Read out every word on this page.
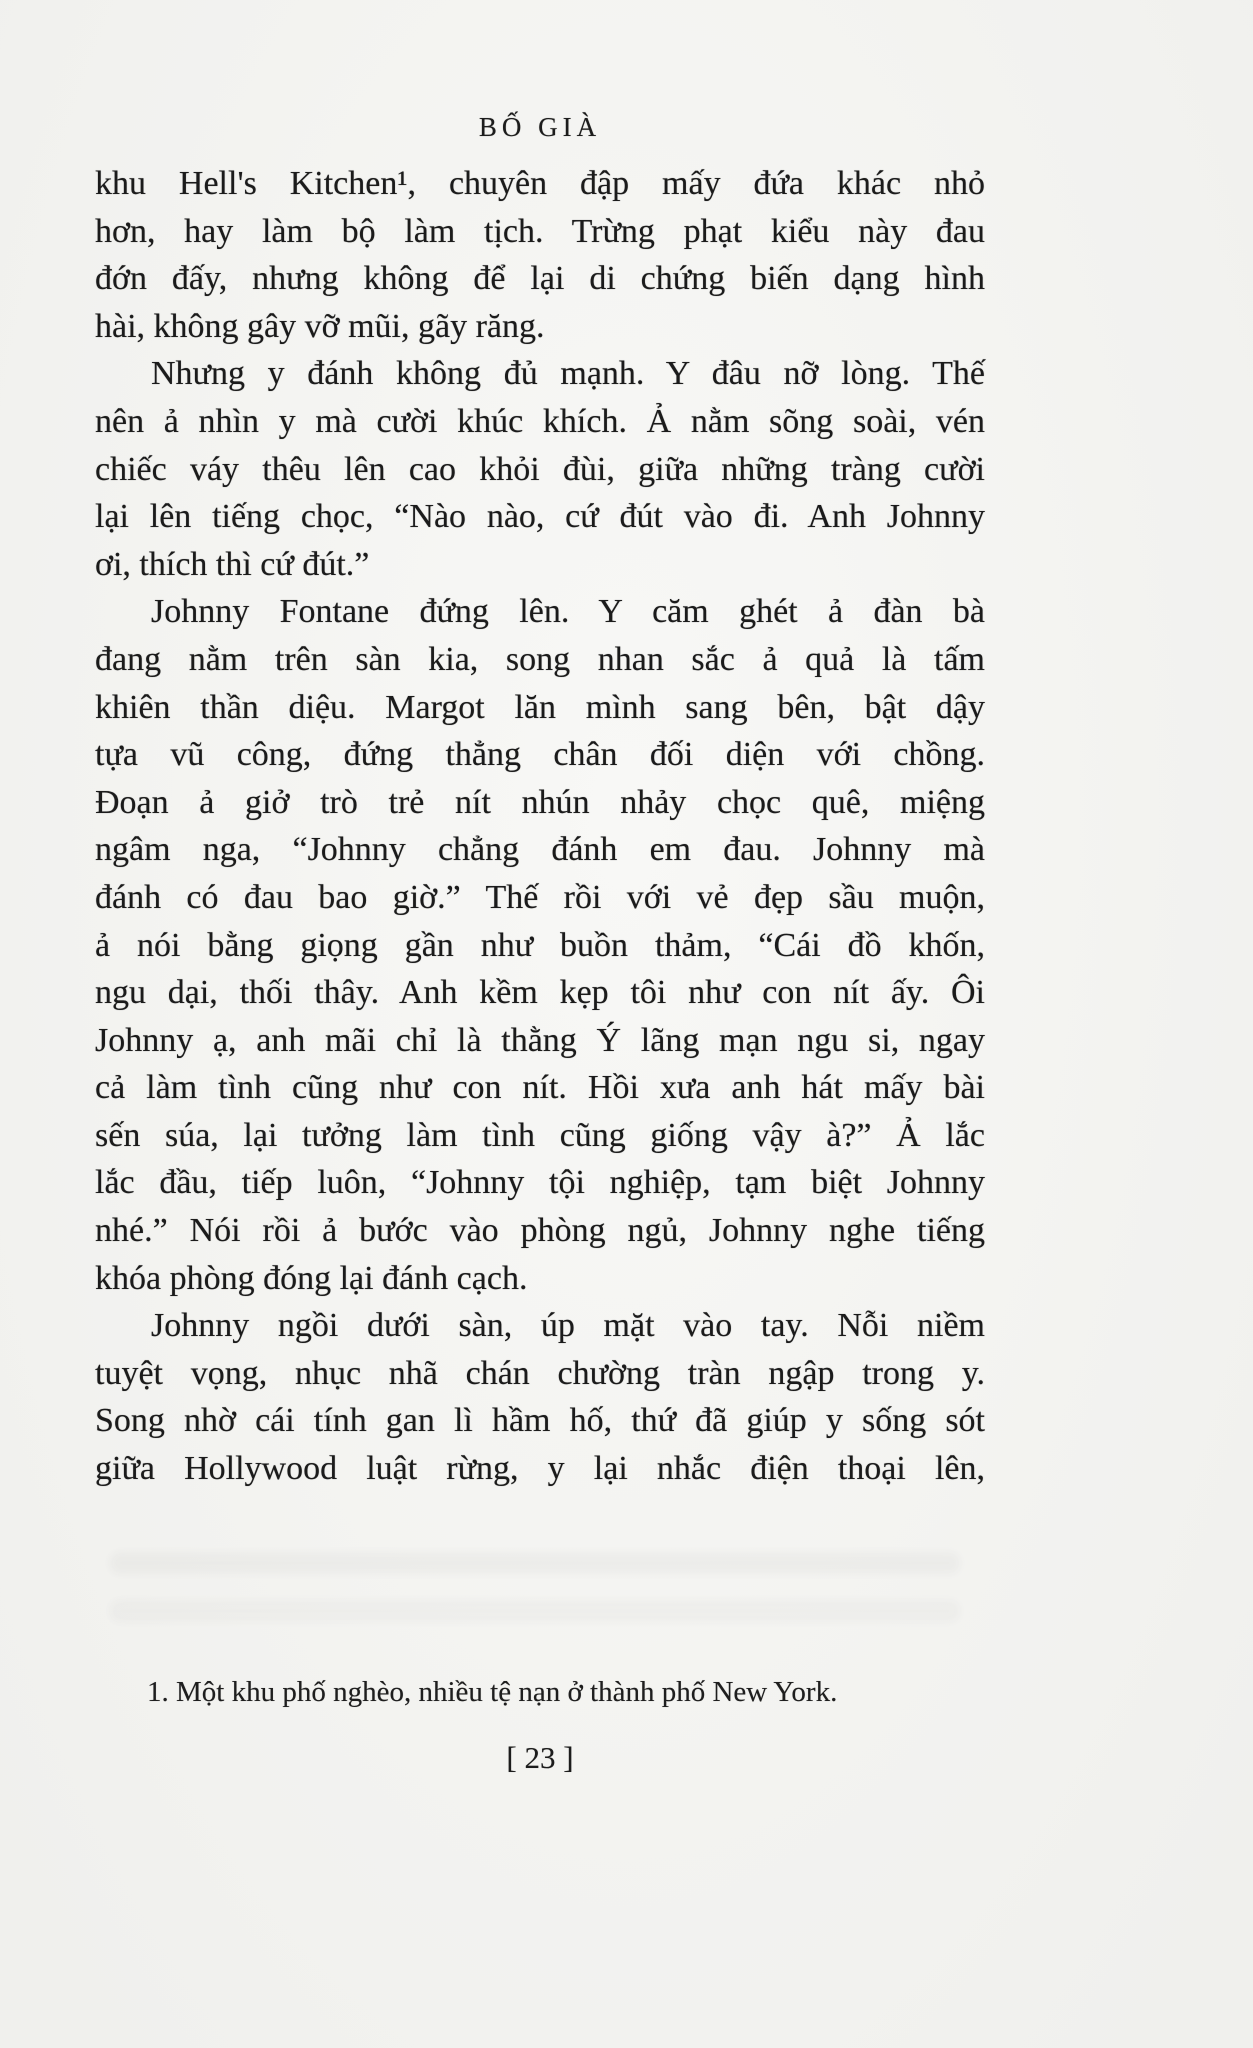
BỐ GIÀ
khu Hell's Kitchen¹, chuyên đập mấy đứa khác nhỏ
hơn, hay làm bộ làm tịch. Trừng phạt kiểu này đau
đớn đấy, nhưng không để lại di chứng biến dạng hình
hài, không gây vỡ mũi, gãy răng.
Nhưng y đánh không đủ mạnh. Y đâu nỡ lòng. Thế
nên ả nhìn y mà cười khúc khích. Ả nằm sõng soài, vén
chiếc váy thêu lên cao khỏi đùi, giữa những tràng cười
lại lên tiếng chọc, “Nào nào, cứ đút vào đi. Anh Johnny
ơi, thích thì cứ đút.”
Johnny Fontane đứng lên. Y căm ghét ả đàn bà
đang nằm trên sàn kia, song nhan sắc ả quả là tấm
khiên thần diệu. Margot lăn mình sang bên, bật dậy
tựa vũ công, đứng thẳng chân đối diện với chồng.
Đoạn ả giở trò trẻ nít nhún nhảy chọc quê, miệng
ngâm nga, “Johnny chẳng đánh em đau. Johnny mà
đánh có đau bao giờ.” Thế rồi với vẻ đẹp sầu muộn,
ả nói bằng giọng gần như buồn thảm, “Cái đồ khốn,
ngu dại, thối thây. Anh kềm kẹp tôi như con nít ấy. Ôi
Johnny ạ, anh mãi chỉ là thằng Ý lãng mạn ngu si, ngay
cả làm tình cũng như con nít. Hồi xưa anh hát mấy bài
sến súa, lại tưởng làm tình cũng giống vậy à?” Ả lắc
lắc đầu, tiếp luôn, “Johnny tội nghiệp, tạm biệt Johnny
nhé.” Nói rồi ả bước vào phòng ngủ, Johnny nghe tiếng
khóa phòng đóng lại đánh cạch.
Johnny ngồi dưới sàn, úp mặt vào tay. Nỗi niềm
tuyệt vọng, nhục nhã chán chường tràn ngập trong y.
Song nhờ cái tính gan lì hầm hố, thứ đã giúp y sống sót
giữa Hollywood luật rừng, y lại nhắc điện thoại lên,
1. Một khu phố nghèo, nhiều tệ nạn ở thành phố New York.
[ 23 ]
